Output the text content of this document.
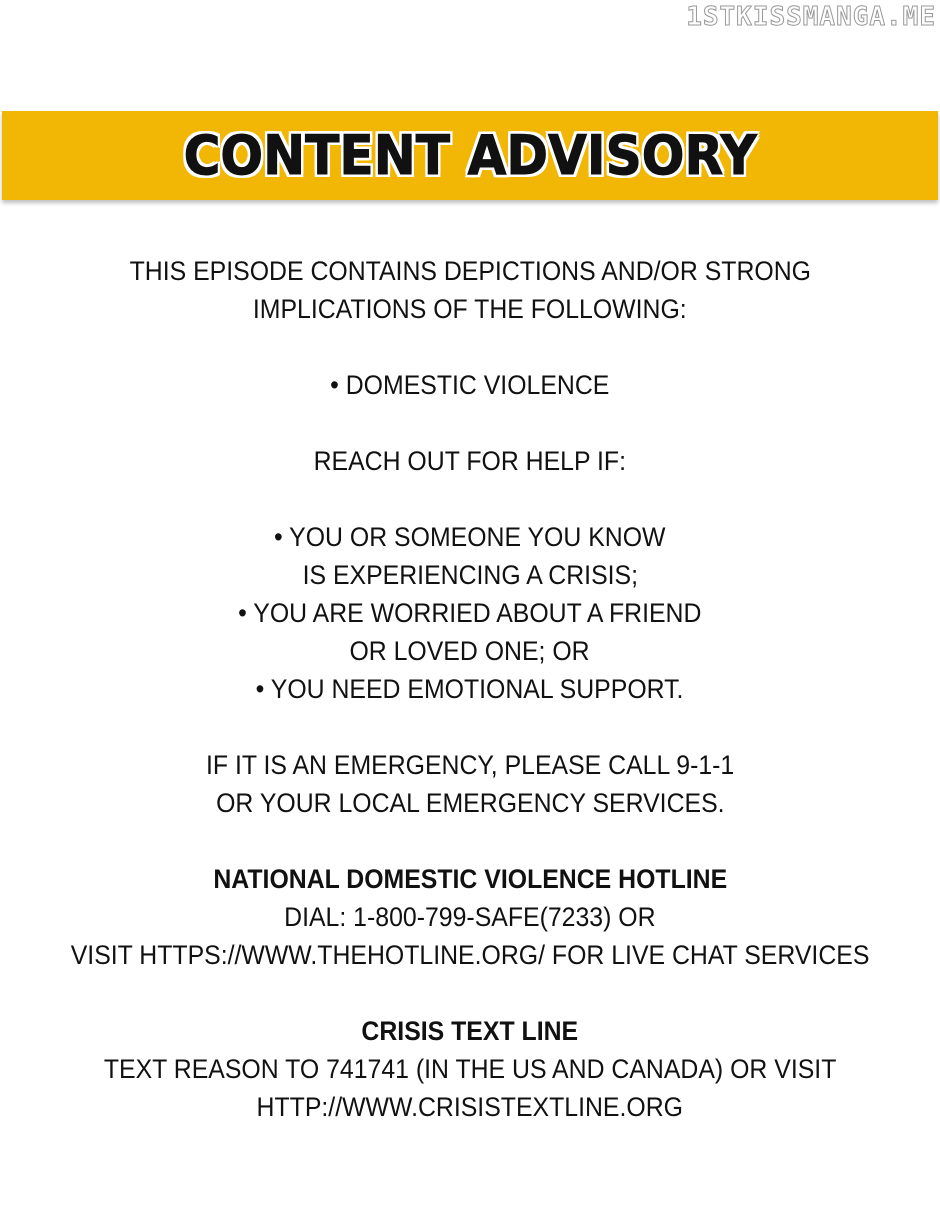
1STKISSMANGA.ME
CONTENT ADVISORY
THIS EPISODE CONTAINS DEPICTIONS AND/OR STRONG
IMPLICATIONS OF THE FOLLOWING:
• DOMESTIC VIOLENCE
REACH OUT FOR HELP IF:
• YOU OR SOMEONE YOU KNOW
IS EXPERIENCING A CRISIS;
• YOU ARE WORRIED ABOUT A FRIEND
OR LOVED ONE; OR
• YOU NEED EMOTIONAL SUPPORT.
IF IT IS AN EMERGENCY, PLEASE CALL 9-1-1
OR YOUR LOCAL EMERGENCY SERVICES.
NATIONAL DOMESTIC VIOLENCE HOTLINE
DIAL: 1-800-799-SAFE(7233) OR
VISIT HTTPS://WWW.THEHOTLINE.ORG/ FOR LIVE CHAT SERVICES
CRISIS TEXT LINE
TEXT REASON TO 741741 (IN THE US AND CANADA) OR VISIT
HTTP://WWW.CRISISTEXTLINE.ORG
